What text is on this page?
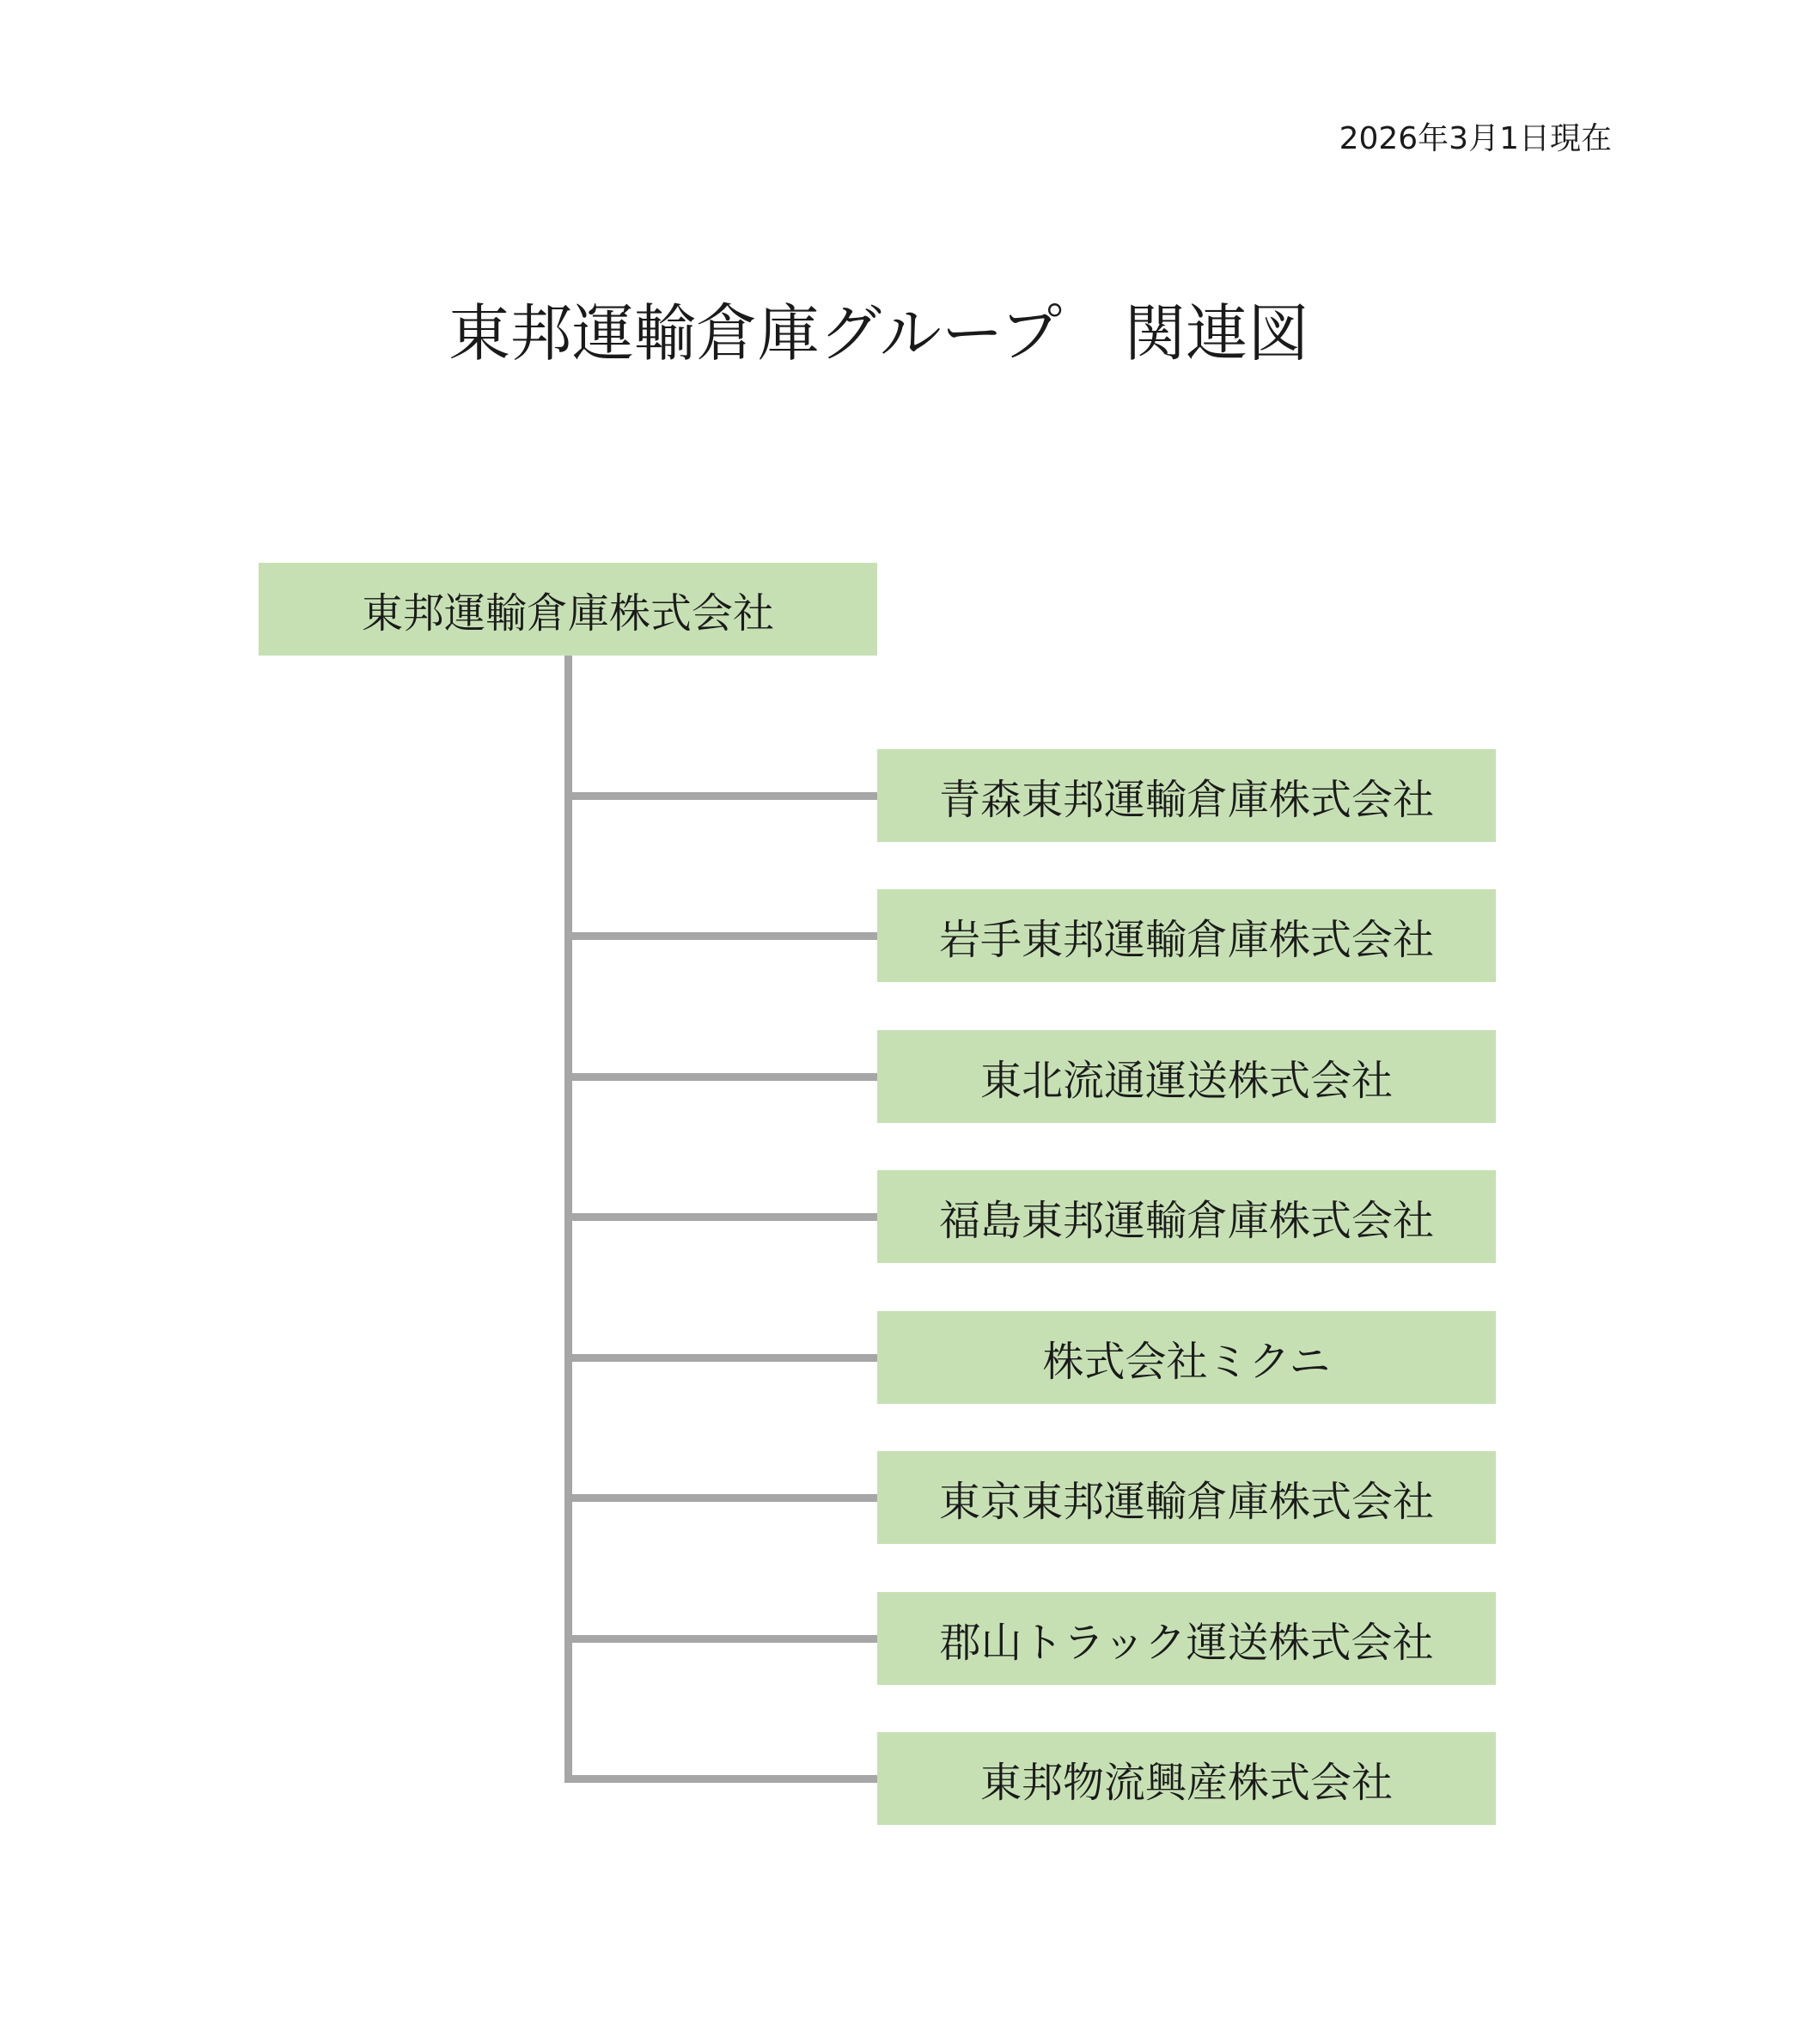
2026年3月1日現在
東邦運輸倉庫グループ　関連図
東邦運輸倉庫株式会社
青森東邦運輸倉庫株式会社
岩手東邦運輸倉庫株式会社
東北流通運送株式会社
福島東邦運輸倉庫株式会社
株式会社ミクニ
東京東邦運輸倉庫株式会社
郡山トラック運送株式会社
東邦物流興産株式会社
